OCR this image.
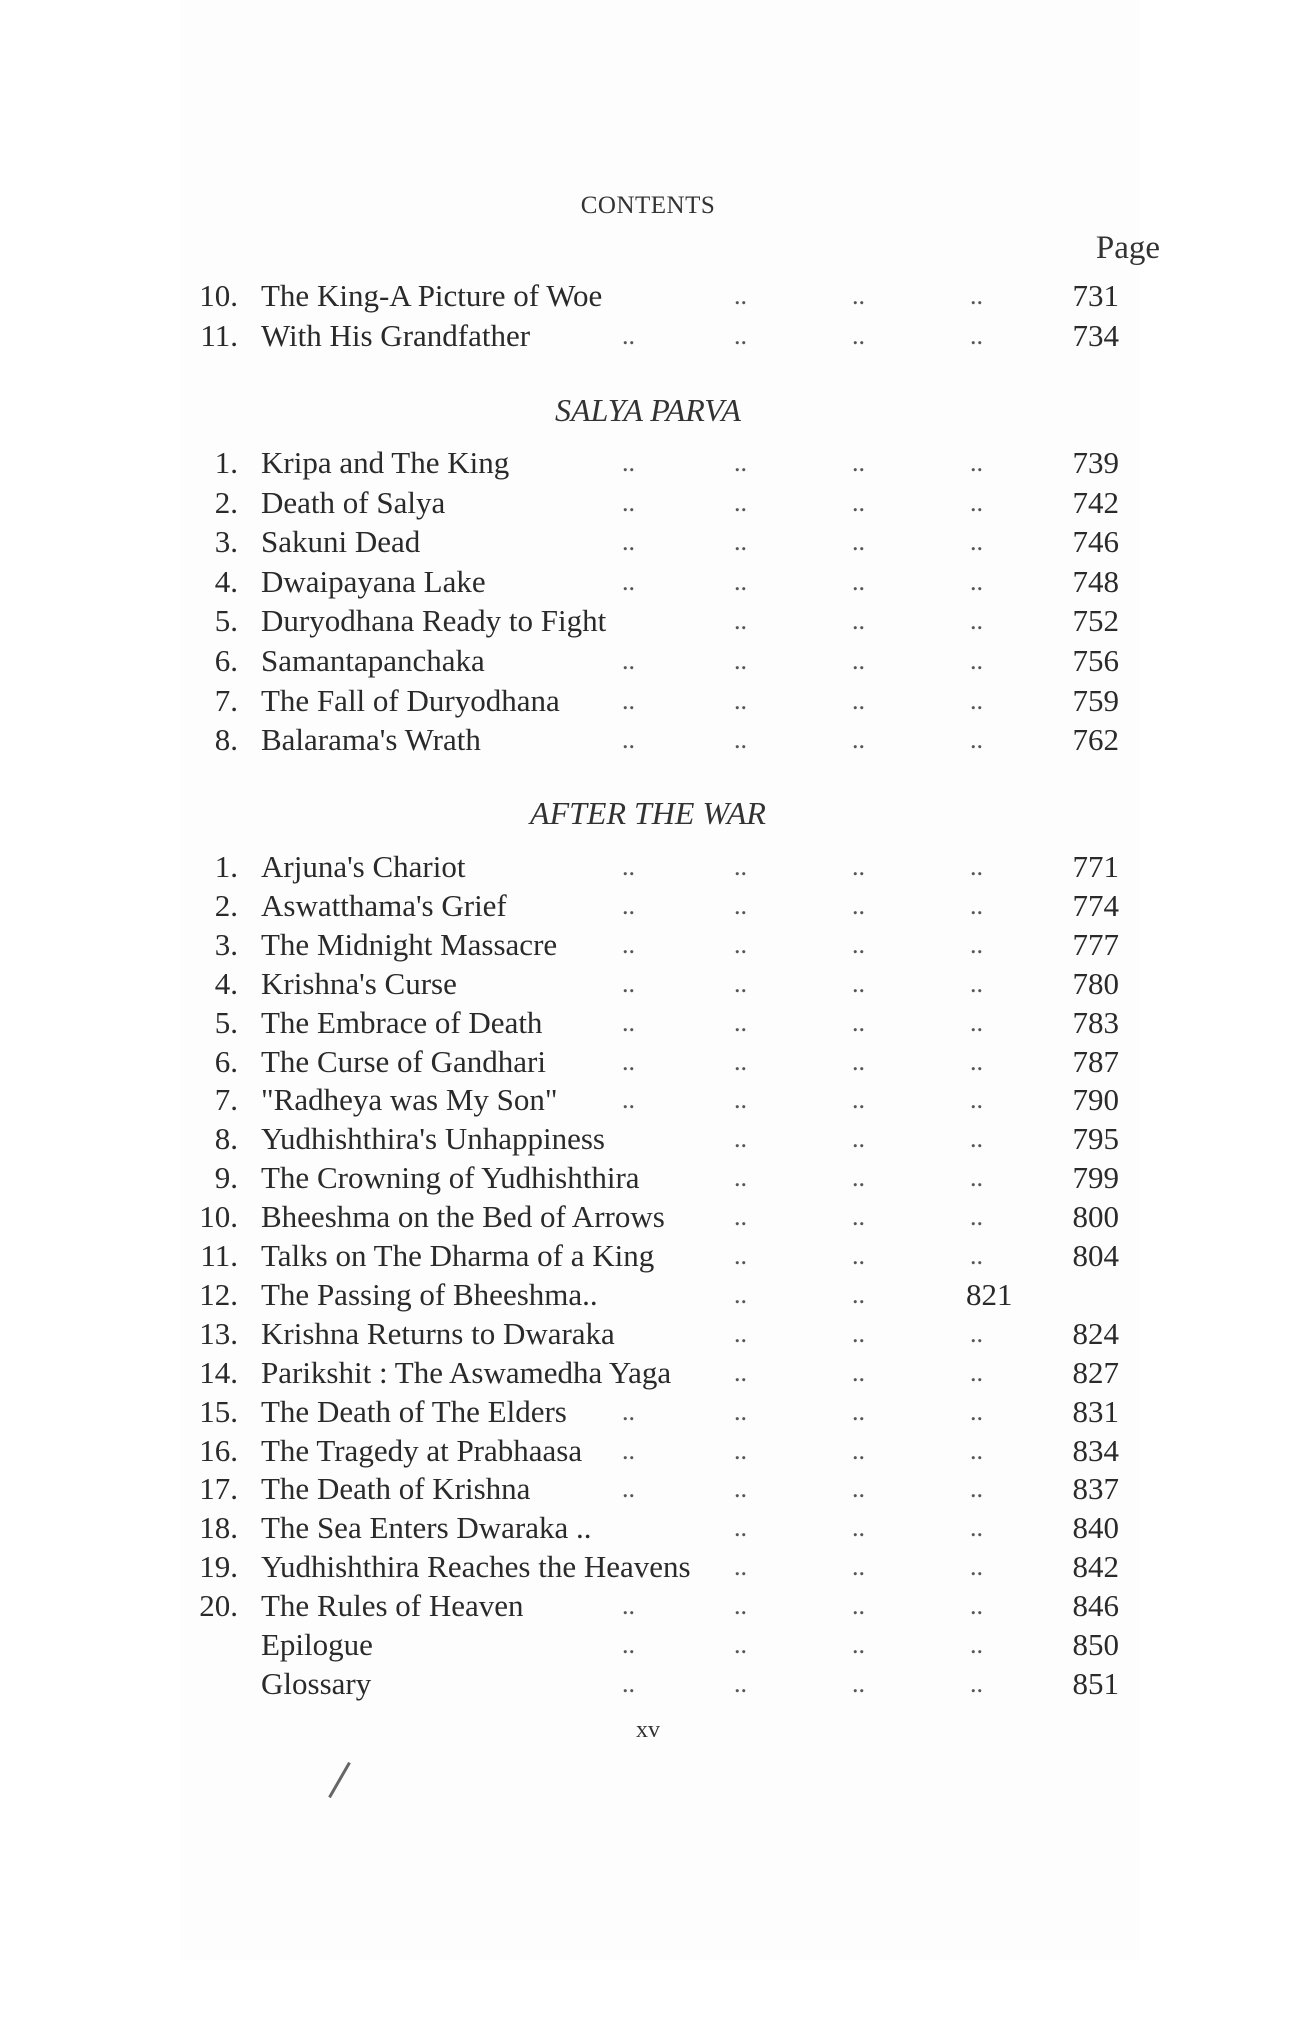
CONTENTS
Page
SALYA PARVA
AFTER THE WAR
10. The King-A Picture of Woe	..	..	..	731
11. With His Grandfather	..	..	..	..	734
1. Kripa and The King	..	..	..	..	739
2. Death of Salya	..	..	..	..	742
3. Sakuni Dead	..	..	..	..	746
4. Dwaipayana Lake	..	..	..	..	748
5. Duryodhana Ready to Fight	..	..	..	752
6. Samantapanchaka	..	..	..	..	756
7. The Fall of Duryodhana ..	..	..	..	759
8. Balarama's Wrath	..	..	..	..	762
1. Arjuna's Chariot	..	..	..	..	771
2. Aswatthama's Grief	..	..	..	..	774
3. The Midnight Massacre ..	..	..	..	777
4. Krishna's Curse	..	..	..	..	780
5. The Embrace of Death	..	..	..	..	783
6. The Curse of Gandhari	..	..	..	..	787
7. "Radheya was My Son" ..	..	..	..	790
8. Yudhishthira's Unhappiness	..	..	..	795
9. The Crowning of Yudhishthira	..	..	..	799
10. Bheeshma on the Bed of Arrows	..	..	..	800
11. Talks on The Dharma of a King	..	..	..	804
12. The Passing of Bheeshma..	..	..	821
13. Krishna Returns to Dwaraka	..	..	..	824
14. Parikshit : The Aswamedha Yaga ..	..	..	827
15. The Death of The Elders ..	..	..	..	831
16. The Tragedy at Prabhaasa ..	..	..	..	834
17. The Death of Krishna	..	..	..	..	837
18. The Sea Enters Dwaraka ..	..	..	..	840
19. Yudhishthira Reaches the Heavens ..	..	..	842
20. The Rules of Heaven	..	..	..	..	846
Epilogue	..	..	..	..	850
Glossary	..	..	..	..	851
xv
